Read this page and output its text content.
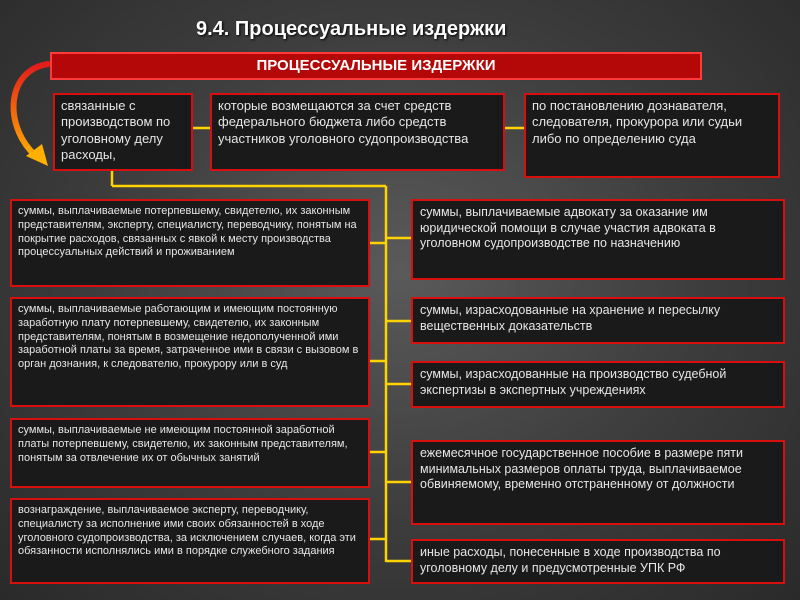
9.4. Процессуальные издержки
ПРОЦЕССУАЛЬНЫЕ ИЗДЕРЖКИ
связанные с производством по уголовному делу расходы,
которые возмещаются за счет средств федерального бюджета либо средств участников уголовного судопроизводства
по постановлению дознавателя, следователя, прокурора или судьи
либо по определению суда
суммы, выплачиваемые потерпевшему, свидетелю, их законным представителям, эксперту, специалисту, переводчику, понятым на покрытие расходов, связанных с явкой к месту производства процессуальных действий и проживанием
суммы, выплачиваемые работающим и имеющим постоянную заработную плату потерпевшему, свидетелю, их законным представителям, понятым в возмещение недополученной ими заработной платы за время, затраченное ими в связи с вызовом в орган дознания, к следователю, прокурору или в суд
суммы, выплачиваемые не имеющим постоянной заработной платы потерпевшему, свидетелю, их законным представителям, понятым за отвлечение их от обычных занятий
вознаграждение, выплачиваемое эксперту, переводчику, специалисту за исполнение ими своих обязанностей в ходе уголовного судопроизводства, за исключением случаев, когда эти обязанности исполнялись ими в порядке служебного задания
суммы, выплачиваемые адвокату за оказание им юридической помощи в случае участия адвоката в уголовном судопроизводстве по назначению
суммы, израсходованные на хранение и пересылку вещественных доказательств
суммы, израсходованные на производство судебной экспертизы в экспертных учреждениях
ежемесячное государственное пособие в размере пяти минимальных размеров оплаты труда, выплачиваемое обвиняемому, временно отстраненному от должности
иные расходы, понесенные в ходе производства по уголовному делу и предусмотренные УПК РФ
